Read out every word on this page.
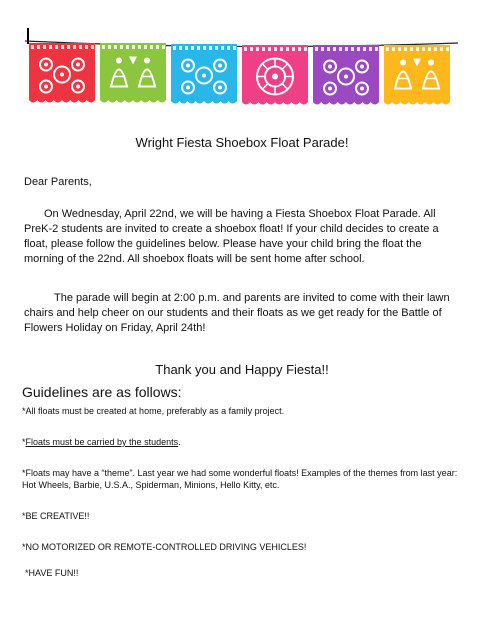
Wright Fiesta Shoebox Float Parade!
Dear Parents,

On Wednesday, April 22nd, we will be having a Fiesta Shoebox Float Parade. All PreK-2 students are invited to create a shoebox float! If your child decides to create a float, please follow the guidelines below. Please have your child bring the float the morning of the 22nd. All shoebox floats will be sent home after school.

The parade will begin at 2:00 p.m. and parents are invited to come with their lawn chairs and help cheer on our students and their floats as we get ready for the Battle of Flowers Holiday on Friday, April 24th!

Thank you and Happy Fiesta!!
Guidelines are as follows:

*All floats must be created at home, preferably as a family project.

*Floats must be carried by the students.

*Floats may have a “theme”. Last year we had some wonderful floats! Examples of the themes from last year: Hot Wheels, Barbie, U.S.A., Spiderman, Minions, Hello Kitty, etc.

*BE CREATIVE!!

*NO MOTORIZED OR REMOTE-CONTROLLED DRIVING VEHICLES!

*HAVE FUN!!
